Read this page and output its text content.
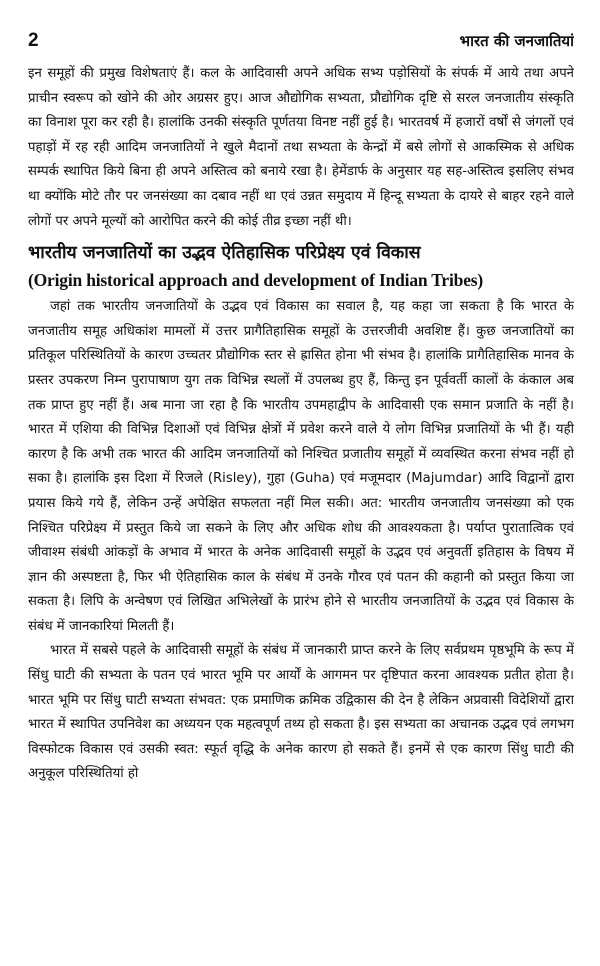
2	भारत की जनजातियां

इन समूहों की प्रमुख विशेषताएं हैं। कल के आदिवासी अपने अधिक सभ्य पड़ोसियों के संपर्क में आये तथा अपने प्राचीन स्वरूप को खोने की ओर अग्रसर हुए। आज औद्योगिक सभ्यता, प्रौद्योगिक दृष्टि से सरल जनजातीय संस्कृति का विनाश पूरा कर रही है। हालांकि उनकी संस्कृति पूर्णतया विनष्ट नहीं हुई है। भारतवर्ष में हजारों वर्षों से जंगलों एवं पहाड़ों में रह रही आदिम जनजातियों ने खुले मैदानों तथा सभ्यता के केन्द्रों में बसे लोगों से आकस्मिक से अधिक सम्पर्क स्थापित किये बिना ही अपने अस्तित्व को बनाये रखा है। हेमेंडार्फ के अनुसार यह सह-अस्तित्व इसलिए संभव था क्योंकि मोटे तौर पर जनसंख्या का दबाव नहीं था एवं उन्नत समुदाय में हिन्दू सभ्यता के दायरे से बाहर रहने वाले लोगों पर अपने मूल्यों को आरोपित करने की कोई तीव्र इच्छा नहीं थी।

भारतीय जनजातियों का उद्भव ऐतिहासिक परिप्रेक्ष्य एवं विकास
(Origin historical approach and development of Indian Tribes)

जहां तक भारतीय जनजातियों के उद्भव एवं विकास का सवाल है, यह कहा जा सकता है कि भारत के जनजातीय समूह अधिकांश मामलों में उत्तर प्रागैतिहासिक समूहों के उत्तरजीवी अवशिष्ट हैं। कुछ जनजातियों का प्रतिकूल परिस्थितियों के कारण उच्चतर प्रौद्योगिक स्तर से ह्रासित होना भी संभव है। हालांकि प्रागैतिहासिक मानव के प्रस्तर उपकरण निम्न पुरापाषाण युग तक विभिन्न स्थलों में उपलब्ध हुए हैं, किन्तु इन पूर्ववर्ती कालों के कंकाल अब तक प्राप्त हुए नहीं हैं। अब माना जा रहा है कि भारतीय उपमहाद्वीप के आदिवासी एक समान प्रजाति के नहीं है। भारत में एशिया की विभिन्न दिशाओं एवं विभिन्न क्षेत्रों में प्रवेश करने वाले ये लोग विभिन्न प्रजातियों के भी हैं। यही कारण है कि अभी तक भारत की आदिम जनजातियों को निश्चित प्रजातीय समूहों में व्यवस्थित करना संभव नहीं हो सका है। हालांकि इस दिशा में रिजले (Risley), गुहा (Guha) एवं मजूमदार (Majumdar) आदि विद्वानों द्वारा प्रयास किये गये हैं, लेकिन उन्हें अपेक्षित सफलता नहीं मिल सकी। अत: भारतीय जनजातीय जनसंख्या को एक निश्चित परिप्रेक्ष्य में प्रस्तुत किये जा सकने के लिए और अधिक शोध की आवश्यकता है। पर्याप्त पुरातात्विक एवं जीवाश्म संबंधी आंकड़ों के अभाव में भारत के अनेक आदिवासी समूहों के उद्भव एवं अनुवर्ती इतिहास के विषय में ज्ञान की अस्पष्टता है, फिर भी ऐतिहासिक काल के संबंध में उनके गौरव एवं पतन की कहानी को प्रस्तुत किया जा सकता है। लिपि के अन्वेषण एवं लिखित अभिलेखों के प्रारंभ होने से भारतीय जनजातियों के उद्भव एवं विकास के संबंध में जानकारियां मिलती हैं।

भारत में सबसे पहले के आदिवासी समूहों के संबंध में जानकारी प्राप्त करने के लिए सर्वप्रथम पृष्ठभूमि के रूप में सिंधु घाटी की सभ्यता के पतन एवं भारत भूमि पर आर्यों के आगमन पर दृष्टिपात करना आवश्यक प्रतीत होता है। भारत भूमि पर सिंधु घाटी सभ्यता संभवत: एक प्रमाणिक क्रमिक उद्विकास की देन है लेकिन अप्रवासी विदेशियों द्वारा भारत में स्थापित उपनिवेश का अध्ययन एक महत्वपूर्ण तथ्य हो सकता है। इस सभ्यता का अचानक उद्भव एवं लगभग विस्फोटक विकास एवं उसकी स्वत: स्फूर्त वृद्धि के अनेक कारण हो सकते हैं। इनमें से एक कारण सिंधु घाटी की अनुकूल परिस्थितियां हो
